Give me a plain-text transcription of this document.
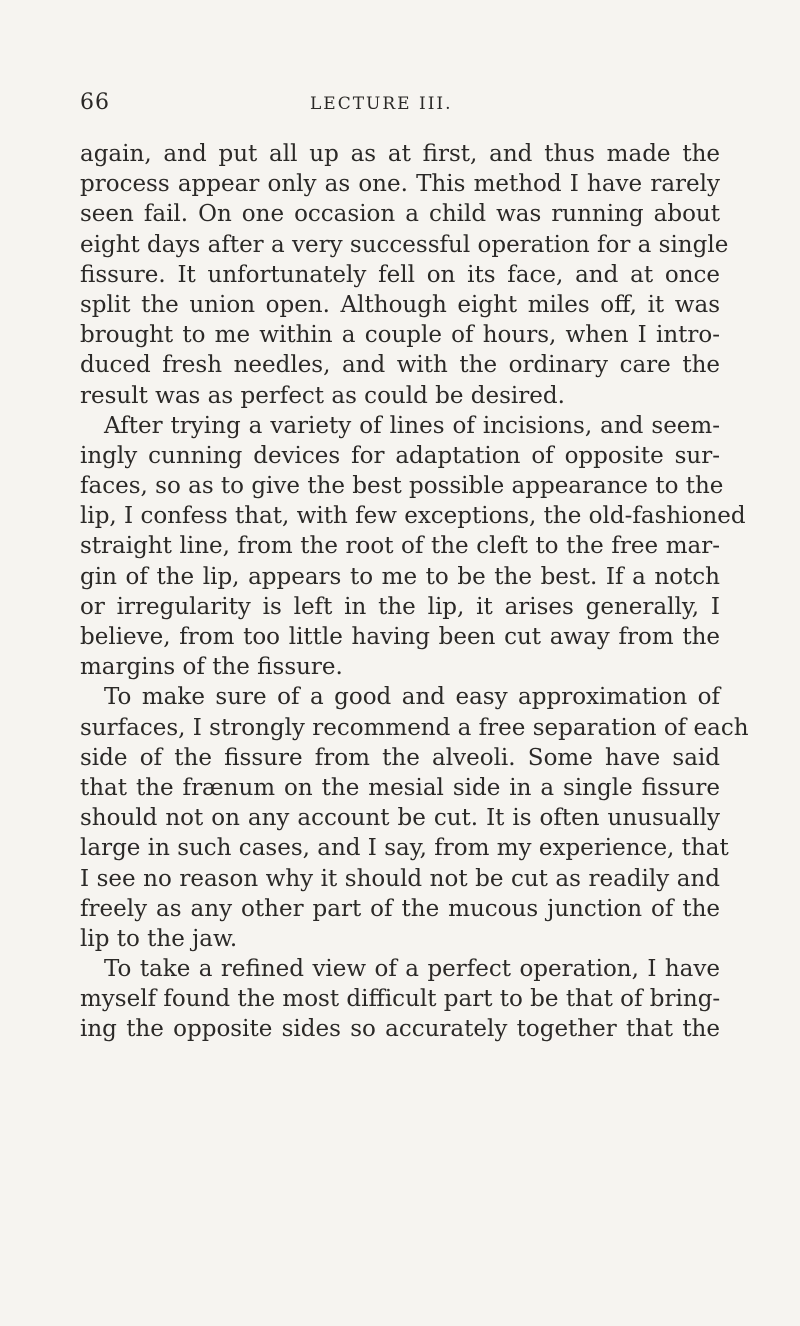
66	LECTURE III.
again, and put all up as at first, and thus made the
process appear only as one. This method I have rarely
seen fail. On one occasion a child was running about
eight days after a very successful operation for a single
fissure. It unfortunately fell on its face, and at once
split the union open. Although eight miles off, it was
brought to me within a couple of hours, when I intro-
duced fresh needles, and with the ordinary care the
result was as perfect as could be desired.
After trying a variety of lines of incisions, and seem-
ingly cunning devices for adaptation of opposite sur-
faces, so as to give the best possible appearance to the
lip, I confess that, with few exceptions, the old-fashioned
straight line, from the root of the cleft to the free mar-
gin of the lip, appears to me to be the best. If a notch
or irregularity is left in the lip, it arises generally, I
believe, from too little having been cut away from the
margins of the fissure.
To make sure of a good and easy approximation of
surfaces, I strongly recommend a free separation of each
side of the fissure from the alveoli. Some have said
that the frænum on the mesial side in a single fissure
should not on any account be cut. It is often unusually
large in such cases, and I say, from my experience, that
I see no reason why it should not be cut as readily and
freely as any other part of the mucous junction of the
lip to the jaw.
To take a refined view of a perfect operation, I have
myself found the most difficult part to be that of bring-
ing the opposite sides so accurately together that the
